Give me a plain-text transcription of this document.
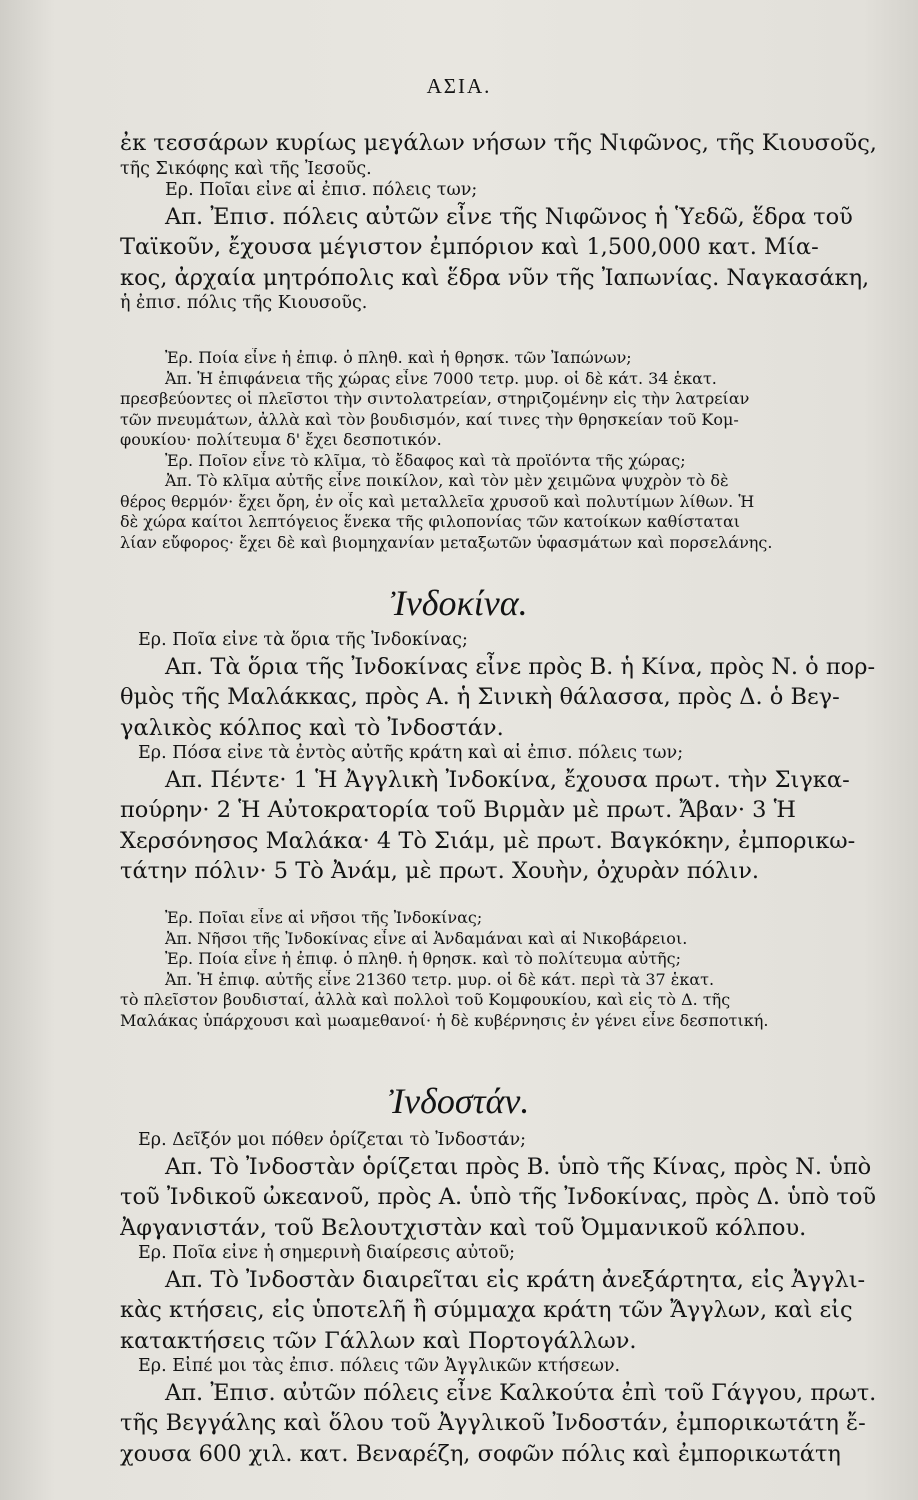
ΑΣΙΑ.
ἐκ τεσσάρων κυρίως μεγάλων νήσων τῆς Νιφῶνος, τῆς Κιουσοῦς,
τῆς Σικόφης καὶ τῆς Ἰεσοῦς.
Ερ. Ποῖαι εἶνε αἱ ἐπισ. πόλεις των;
Απ. Ἐπισ. πόλεις αὐτῶν εἶνε τῆς Νιφῶνος ἡ Ὑεδῶ, ἕδρα τοῦ
Ταϊκοῦν, ἔχουσα μέγιστον ἐμπόριον καὶ 1,500,000 κατ. Μία-
κος, ἀρχαία μητρόπολις καὶ ἕδρα νῦν τῆς Ἰαπωνίας. Ναγκασάκη,
ἡ ἐπισ. πόλις τῆς Κιουσοῦς.
Ἐρ. Ποία εἶνε ἡ ἐπιφ. ὁ πληθ. καὶ ἡ θρησκ. τῶν Ἰαπώνων;
Ἀπ. Ἡ ἐπιφάνεια τῆς χώρας εἶνε 7000 τετρ. μυρ. οἱ δὲ κάτ. 34 ἑκατ.
πρεσβεύοντες οἱ πλεῖστοι τὴν σιντολατρείαν, στηριζομένην εἰς τὴν λατρείαν
τῶν πνευμάτων, ἀλλὰ καὶ τὸν βουδισμόν, καί τινες τὴν θρησκείαν τοῦ Κομ-
φουκίου· πολίτευμα δ' ἔχει δεσποτικόν.
Ἐρ. Ποῖον εἶνε τὸ κλῖμα, τὸ ἔδαφος καὶ τὰ προϊόντα τῆς χώρας;
Ἀπ. Τὸ κλῖμα αὐτῆς εἶνε ποικίλον, καὶ τὸν μὲν χειμῶνα ψυχρὸν τὸ δὲ
θέρος θερμόν· ἔχει ὄρη, ἐν οἷς καὶ μεταλλεῖα χρυσοῦ καὶ πολυτίμων λίθων. Ἡ
δὲ χώρα καίτοι λεπτόγειος ἕνεκα τῆς φιλοπονίας τῶν κατοίκων καθίσταται
λίαν εὔφορος· ἔχει δὲ καὶ βιομηχανίαν μεταξωτῶν ὑφασμάτων καὶ πορσελάνης.
Ἰνδοκίνα.
Ερ. Ποῖα εἶνε τὰ ὅρια τῆς Ἰνδοκίνας;
Απ. Τὰ ὅρια τῆς Ἰνδοκίνας εἶνε πρὸς Β. ἡ Κίνα, πρὸς Ν. ὁ πορ-
θμὸς τῆς Μαλάκκας, πρὸς Α. ἡ Σινικὴ θάλασσα, πρὸς Δ. ὁ Βεγ-
γαλικὸς κόλπος καὶ τὸ Ἰνδοστάν.
Ερ. Πόσα εἶνε τὰ ἐντὸς αὐτῆς κράτη καὶ αἱ ἐπισ. πόλεις των;
Απ. Πέντε· 1 Ἡ Ἀγγλικὴ Ἰνδοκίνα, ἔχουσα πρωτ. τὴν Σιγκα-
πούρην· 2 Ἡ Αὐτοκρατορία τοῦ Βιρμὰν μὲ πρωτ. Ἄβαν· 3 Ἡ
Χερσόνησος Μαλάκα· 4 Τὸ Σιάμ, μὲ πρωτ. Βαγκόκην, ἐμπορικω-
τάτην πόλιν· 5 Τὸ Ἀνάμ, μὲ πρωτ. Χουὴν, ὀχυρὰν πόλιν.
Ἐρ. Ποῖαι εἶνε αἱ νῆσοι τῆς Ἰνδοκίνας;
Ἀπ. Νῆσοι τῆς Ἰνδοκίνας εἶνε αἱ Ἀνδαμάναι καὶ αἱ Νικοβάρειοι.
Ἐρ. Ποία εἶνε ἡ ἐπιφ. ὁ πληθ. ἡ θρησκ. καὶ τὸ πολίτευμα αὐτῆς;
Ἀπ. Ἡ ἐπιφ. αὐτῆς εἶνε 21360 τετρ. μυρ. οἱ δὲ κάτ. περὶ τὰ 37 ἑκατ.
τὸ πλεῖστον βουδισταί, ἀλλὰ καὶ πολλοὶ τοῦ Κομφουκίου, καὶ εἰς τὸ Δ. τῆς
Μαλάκας ὑπάρχουσι καὶ μωαμεθανοί· ἡ δὲ κυβέρνησις ἐν γένει εἶνε δεσποτική.
Ἰνδοστάν.
Ερ. Δεῖξόν μοι πόθεν ὁρίζεται τὸ Ἰνδοστάν;
Απ. Τὸ Ἰνδοστὰν ὁρίζεται πρὸς Β. ὑπὸ τῆς Κίνας, πρὸς Ν. ὑπὸ
τοῦ Ἰνδικοῦ ὠκεανοῦ, πρὸς Α. ὑπὸ τῆς Ἰνδοκίνας, πρὸς Δ. ὑπὸ τοῦ
Ἀφγανιστάν, τοῦ Βελουτχιστὰν καὶ τοῦ Ὀμμανικοῦ κόλπου.
Ερ. Ποῖα εἶνε ἡ σημερινὴ διαίρεσις αὐτοῦ;
Απ. Τὸ Ἰνδοστὰν διαιρεῖται εἰς κράτη ἀνεξάρτητα, εἰς Ἀγγλι-
κὰς κτήσεις, εἰς ὑποτελῆ ἢ σύμμαχα κράτη τῶν Ἄγγλων, καὶ εἰς
κατακτήσεις τῶν Γάλλων καὶ Πορτογάλλων.
Ερ. Εἰπέ μοι τὰς ἐπισ. πόλεις τῶν Ἀγγλικῶν κτήσεων.
Απ. Ἐπισ. αὐτῶν πόλεις εἶνε Καλκούτα ἐπὶ τοῦ Γάγγου, πρωτ.
τῆς Βεγγάλης καὶ ὅλου τοῦ Ἀγγλικοῦ Ἰνδοστάν, ἐμπορικωτάτη ἔ-
χουσα 600 χιλ. κατ. Βεναρέζη, σοφῶν πόλις καὶ ἐμπορικωτάτη
